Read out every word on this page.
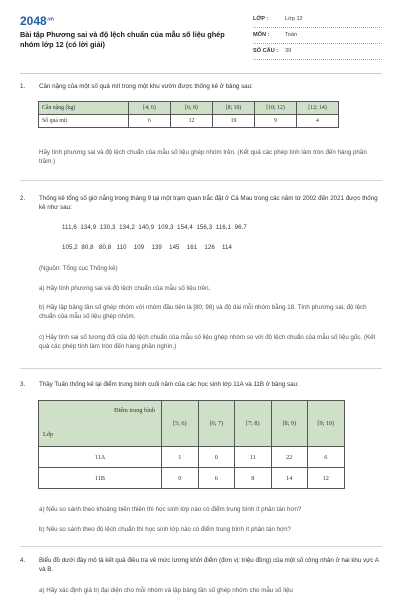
$2048^{.vn}$
Bài tập Phương sai và độ lệch chuẩn của mẫu số liệu ghép nhóm lớp 12 (có lời giải)
LỚP :	Lớp 12
MÔN :	Toán
SỐ CÂU : 39
1. Cân nặng của một số quả mít trong một khu vườn được thống kê ở bảng sau:

Cân nặng (kg)	[4; 6)	[6; 8)	[8; 10)	[10; 12)	[12; 14)
Số quả mít	6	12	19	9	4

Hãy tính phương sai và độ lệch chuẩn của mẫu số liệu ghép nhóm trên. (Kết quả các phép tính làm tròn đến hàng phần trăm.)

2. Thống kê tổng số giờ nắng trong tháng 9 tại một trạm quan trắc đặt ở Cà Mau trong các năm từ 2002 đến 2021 được thống kê như sau:

111,6  134,9  130,3  134,2  140,9  109,3  154,4  156,3  116,1  96,7
105,2  80,8   80,8   110    109    139    145    161    126    114

(Nguồn: Tổng cục Thống kê)

a) Hãy tính phương sai và độ lệch chuẩn của mẫu số liệu trên.

b) Hãy lập bảng tần số ghép nhóm với nhóm đầu tiên là [80; 98) và độ dài mỗi nhóm bằng 18. Tính phương sai, độ lệch chuẩn của mẫu số liệu ghép nhóm.

c) Hãy tính sai số tương đối của độ lệch chuẩn của mẫu số liệu ghép nhóm so với độ lệch chuẩn của mẫu số liệu gốc. (Kết quả các phép tính làm tròn đến hàng phần nghìn.)

3. Thầy Tuấn thống kê lại điểm trung bình cuối năm của các học sinh lớp 11A và 11B ở bảng sau:

Điểm trung bình
Lớp	[5; 6)	[6; 7)	[7; 8)	[8; 9)	[9; 10)
11A	1	0	11	22	6
11B	0	6	8	14	12

a) Nếu so sánh theo khoảng biến thiên thì học sinh lớp nào có điểm trung bình ít phân tán hơn?

b) Nếu so sánh theo độ lệch chuẩn thì học sinh lớp nào có điểm trung bình ít phân tán hơn?

4. Biểu đồ dưới đây mô tả kết quả điều tra về mức lương khởi điểm (đơn vị: triệu đồng) của một số công nhân ở hai khu vực A và B.

a) Hãy xác định giá trị đại diện cho mỗi nhóm và lập bảng tần số ghép nhóm cho mẫu số liệu
